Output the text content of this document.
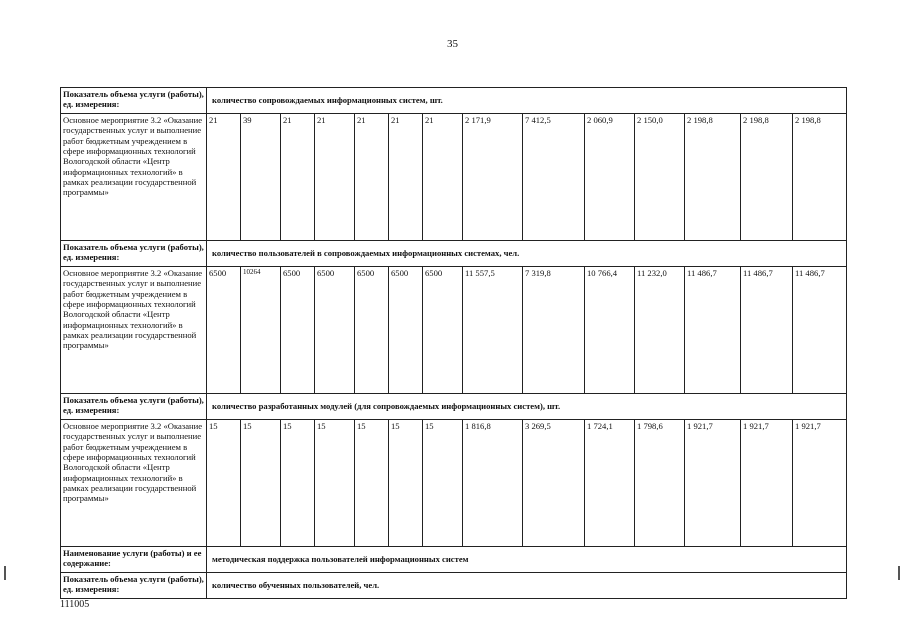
35
Показатель объема услуги (работы), ед. измерения:	количество сопровождаемых информационных систем, шт.													
Основное мероприятие 3.2 «Оказание государственных услуг и выполнение работ бюджетным учреждением в сфере информационных технологий Вологодской области «Центр информационных технологий» в рамках реализации государственной программы»	21	39	21	21	21	21	21	2 171,9	7 412,5	2 060,9	2 150,0	2 198,8	2 198,8	2 198,8
Показатель объема услуги (работы), ед. измерения:	количество пользователей в сопровождаемых информационных системах, чел.													
Основное мероприятие 3.2 «Оказание государственных услуг и выполнение работ бюджетным учреждением в сфере информационных технологий Вологодской области «Центр информационных технологий» в рамках реализации государственной программы»	6500	10264	6500	6500	6500	6500	6500	11 557,5	7 319,8	10 766,4	11 232,0	11 486,7	11 486,7	11 486,7
Показатель объема услуги (работы), ед. измерения:	количество разработанных модулей (для сопровождаемых информационных систем), шт.													
Основное мероприятие 3.2 «Оказание государственных услуг и выполнение работ бюджетным учреждением в сфере информационных технологий Вологодской области «Центр информационных технологий» в рамках реализации государственной программы»	15	15	15	15	15	15	15	1 816,8	3 269,5	1 724,1	1 798,6	1 921,7	1 921,7	1 921,7
Наименование услуги (работы) и ее содержание:	методическая поддержка пользователей информационных систем													
Показатель объема услуги (работы), ед. измерения:	количество обученных пользователей, чел.													
111005
